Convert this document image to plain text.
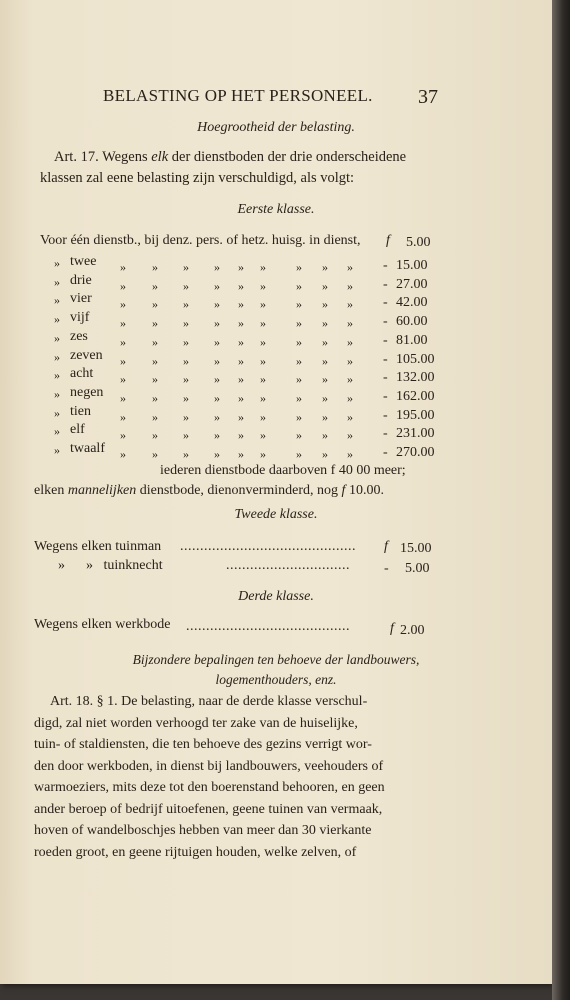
BELASTING OP HET PERSONEEL. 37
Hoegrootheid der belasting.
Art. 17. Wegens elk der dienstboden der drie onderscheidene
klassen zal eene belasting zijn verschuldigd, als volgt:
Eerste klasse.
Voor één dienstb., bij denz. pers. of hetz. huisg. in dienst, f 5.00
» twee » » » » » » » » » - 15.00
» drie » » » » » » » » » - 27.00
» vier » » » » » » » » » - 42.00
» vijf	» » » » » » » » » - 60.00
» zes	» » » » » » » » » - 81.00
» zeven » » » » » » » » » - 105.00
» acht » » » » » » » » » - 132.00
» negen » » » » » » » » » - 162.00
» tien » » » » » » » » » - 195.00
» elf	» » » » » » » » » - 231.00
» twaalf » » » » » » » » » - 270.00
iederen dienstbode daarboven f 40 00 meer;
elken mannelijken dienstbode, dienonverminderd, nog f 10.00.
Tweede klasse.
Wegens elken tuinman ............................................ f 15.00
»      »   tuinknecht	............................... - 5.00
Derde klasse.
Wegens elken werkbode .........................................	f 2.00
Bijzondere bepalingen ten behoeve der landbouwers,
logementhouders, enz.
Art. 18. § 1. De belasting, naar de derde klasse verschul-
digd, zal niet worden verhoogd ter zake van de huiselijke,
tuin- of staldiensten, die ten behoeve des gezins verrigt wor-
den door werkboden, in dienst bij landbouwers, veehouders of
warmoeziers, mits deze tot den boerenstand behooren, en geen
ander beroep of bedrijf uitoefenen, geene tuinen van vermaak,
hoven of wandelboschjes hebben van meer dan 30 vierkante
roeden groot, en geene rijtuigen houden, welke zelven, of
